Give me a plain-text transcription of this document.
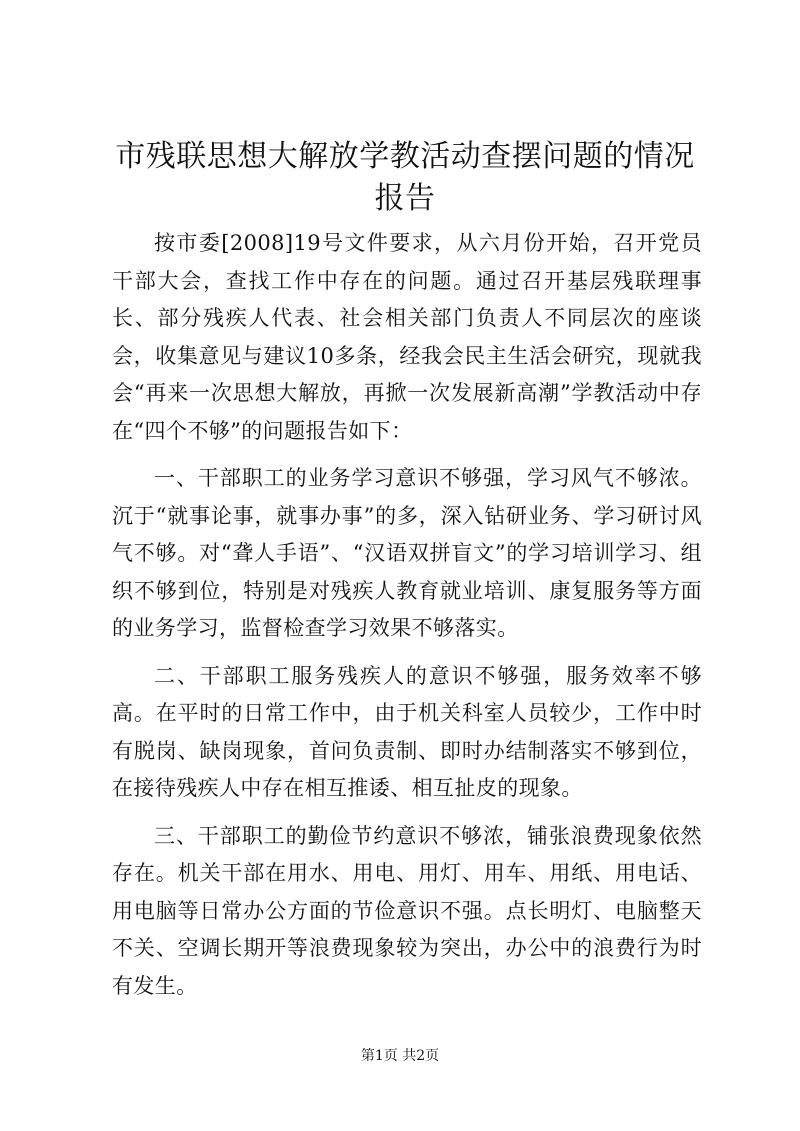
市残联思想大解放学教活动查摆问题的情况报告

按市委[2008]19号文件要求，从六月份开始，召开党员干部大会，查找工作中存在的问题。通过召开基层残联理事长、部分残疾人代表、社会相关部门负责人不同层次的座谈会，收集意见与建议10多条，经我会民主生活会研究，现就我会“再来一次思想大解放，再掀一次发展新高潮”学教活动中存在“四个不够”的问题报告如下：

一、干部职工的业务学习意识不够强，学习风气不够浓。沉于“就事论事，就事办事”的多，深入钻研业务、学习研讨风气不够。对“聋人手语”、“汉语双拼盲文”的学习培训学习、组织不够到位，特别是对残疾人教育就业培训、康复服务等方面的业务学习，监督检查学习效果不够落实。

二、干部职工服务残疾人的意识不够强，服务效率不够高。在平时的日常工作中，由于机关科室人员较少，工作中时有脱岗、缺岗现象，首问负责制、即时办结制落实不够到位，在接待残疾人中存在相互推诿、相互扯皮的现象。

三、干部职工的勤俭节约意识不够浓，铺张浪费现象依然存在。机关干部在用水、用电、用灯、用车、用纸、用电话、用电脑等日常办公方面的节俭意识不强。点长明灯、电脑整天不关、空调长期开等浪费现象较为突出，办公中的浪费行为时有发生。

第1页 共2页
